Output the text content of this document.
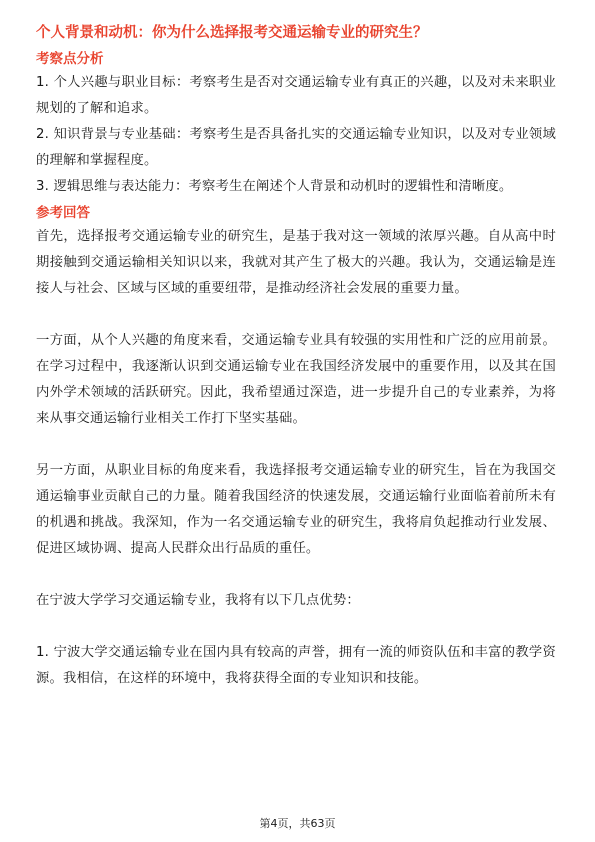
个人背景和动机：你为什么选择报考交通运输专业的研究生？
考察点分析

1. 个人兴趣与职业目标：考察考生是否对交通运输专业有真正的兴趣，以及对未来职业规划的了解和追求。

2. 知识背景与专业基础：考察考生是否具备扎实的交通运输专业知识，以及对专业领域的理解和掌握程度。

3. 逻辑思维与表达能力：考察考生在阐述个人背景和动机时的逻辑性和清晰度。

参考回答

首先，选择报考交通运输专业的研究生，是基于我对这一领域的浓厚兴趣。自从高中时期接触到交通运输相关知识以来，我就对其产生了极大的兴趣。我认为，交通运输是连接人与社会、区域与区域的重要纽带，是推动经济社会发展的重要力量。

一方面，从个人兴趣的角度来看，交通运输专业具有较强的实用性和广泛的应用前景。在学习过程中，我逐渐认识到交通运输专业在我国经济发展中的重要作用，以及其在国内外学术领域的活跃研究。因此，我希望通过深造，进一步提升自己的专业素养，为将来从事交通运输行业相关工作打下坚实基础。

另一方面，从职业目标的角度来看，我选择报考交通运输专业的研究生，旨在为我国交通运输事业贡献自己的力量。随着我国经济的快速发展，交通运输行业面临着前所未有的机遇和挑战。我深知，作为一名交通运输专业的研究生，我将肩负起推动行业发展、促进区域协调、提高人民群众出行品质的重任。

在宁波大学学习交通运输专业，我将有以下几点优势：

1. 宁波大学交通运输专业在国内具有较高的声誉，拥有一流的师资队伍和丰富的教学资源。我相信，在这样的环境中，我将获得全面的专业知识和技能。

第4页，共63页
